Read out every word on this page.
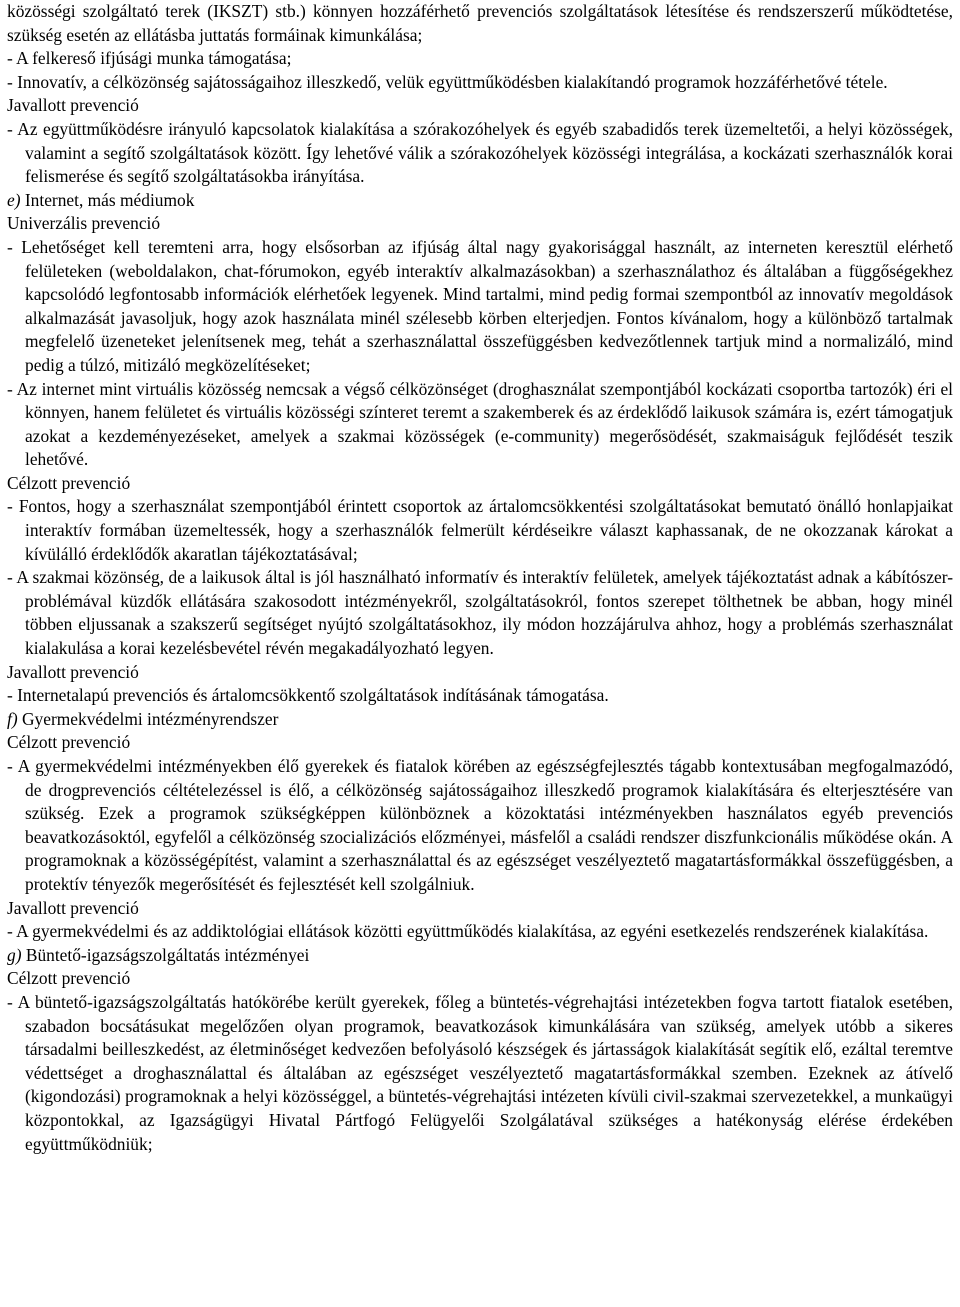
közösségi szolgáltató terek (IKSZT) stb.) könnyen hozzáférhető prevenciós szolgáltatások létesítése és rendszerszerű működtetése, szükség esetén az ellátásba juttatás formáinak kimunkálása;

- A felkereső ifjúsági munka támogatása;

- Innovatív, a célközönség sajátosságaihoz illeszkedő, velük együttműködésben kialakítandó programok hozzáférhetővé tétele.

Javallott prevenció

- Az együttműködésre irányuló kapcsolatok kialakítása a szórakozóhelyek és egyéb szabadidős terek üzemeltetői, a helyi közösségek, valamint a segítő szolgáltatások között. Így lehetővé válik a szórakozóhelyek közösségi integrálása, a kockázati szerhasználók korai felismerése és segítő szolgáltatásokba irányítása.

e) Internet, más médiumok

Univerzális prevenció

- Lehetőséget kell teremteni arra, hogy elsősorban az ifjúság által nagy gyakorisággal használt, az interneten keresztül elérhető felületeken (weboldalakon, chat-fórumokon, egyéb interaktív alkalmazásokban) a szerhasználathoz és általában a függőségekhez kapcsolódó legfontosabb információk elérhetőek legyenek. Mind tartalmi, mind pedig formai szempontból az innovatív megoldások alkalmazását javasoljuk, hogy azok használata minél szélesebb körben elterjedjen. Fontos kívánalom, hogy a különböző tartalmak megfelelő üzeneteket jelenítsenek meg, tehát a szerhasználattal összefüggésben kedvezőtlennek tartjuk mind a normalizáló, mind pedig a túlzó, mitizáló megközelítéseket;

- Az internet mint virtuális közösség nemcsak a végső célközönséget (droghasználat szempontjából kockázati csoportba tartozók) éri el könnyen, hanem felületet és virtuális közösségi színteret teremt a szakemberek és az érdeklődő laikusok számára is, ezért támogatjuk azokat a kezdeményezéseket, amelyek a szakmai közösségek (e-community) megerősödését, szakmaiságuk fejlődését teszik lehetővé.

Célzott prevenció

- Fontos, hogy a szerhasználat szempontjából érintett csoportok az ártalomcsökkentési szolgáltatásokat bemutató önálló honlapjaikat interaktív formában üzemeltessék, hogy a szerhasználók felmerült kérdéseikre választ kaphassanak, de ne okozzanak károkat a kívülálló érdeklődők akaratlan tájékoztatásával;

- A szakmai közönség, de a laikusok által is jól használható informatív és interaktív felületek, amelyek tájékoztatást adnak a kábítószer-problémával küzdők ellátására szakosodott intézményekről, szolgáltatásokról, fontos szerepet tölthetnek be abban, hogy minél többen eljussanak a szakszerű segítséget nyújtó szolgáltatásokhoz, ily módon hozzájárulva ahhoz, hogy a problémás szerhasználat kialakulása a korai kezelésbevétel révén megakadályozható legyen.

Javallott prevenció

- Internetalapú prevenciós és ártalomcsökkentő szolgáltatások indításának támogatása.

f) Gyermekvédelmi intézményrendszer

Célzott prevenció

- A gyermekvédelmi intézményekben élő gyerekek és fiatalok körében az egészségfejlesztés tágabb kontextusában megfogalmazódó, de drogprevenciós céltételezéssel is élő, a célközönség sajátosságaihoz illeszkedő programok kialakítására és elterjesztésére van szükség. Ezek a programok szükségképpen különböznek a közoktatási intézményekben használatos egyéb prevenciós beavatkozásoktól, egyfelől a célközönség szocializációs előzményei, másfelől a családi rendszer diszfunkcionális működése okán. A programoknak a közösségépítést, valamint a szerhasználattal és az egészséget veszélyeztető magatartásformákkal összefüggésben, a protektív tényezők megerősítését és fejlesztését kell szolgálniuk.

Javallott prevenció

- A gyermekvédelmi és az addiktológiai ellátások közötti együttműködés kialakítása, az egyéni esetkezelés rendszerének kialakítása.

g) Büntető-igazságszolgáltatás intézményei

Célzott prevenció

- A büntető-igazságszolgáltatás hatókörébe került gyerekek, főleg a büntetés-végrehajtási intézetekben fogva tartott fiatalok esetében, szabadon bocsátásukat megelőzően olyan programok, beavatkozások kimunkálására van szükség, amelyek utóbb a sikeres társadalmi beilleszkedést, az életminőséget kedvezően befolyásoló készségek és jártasságok kialakítását segítik elő, ezáltal teremtve védettséget a droghasználattal és általában az egészséget veszélyeztető magatartásformákkal szemben. Ezeknek az átívelő (kigondozási) programoknak a helyi közösséggel, a büntetés-végrehajtási intézeten kívüli civil-szakmai szervezetekkel, a munkaügyi központokkal, az Igazságügyi Hivatal Pártfogó Felügyelői Szolgálatával szükséges a hatékonyság elérése érdekében együttműködniük;
